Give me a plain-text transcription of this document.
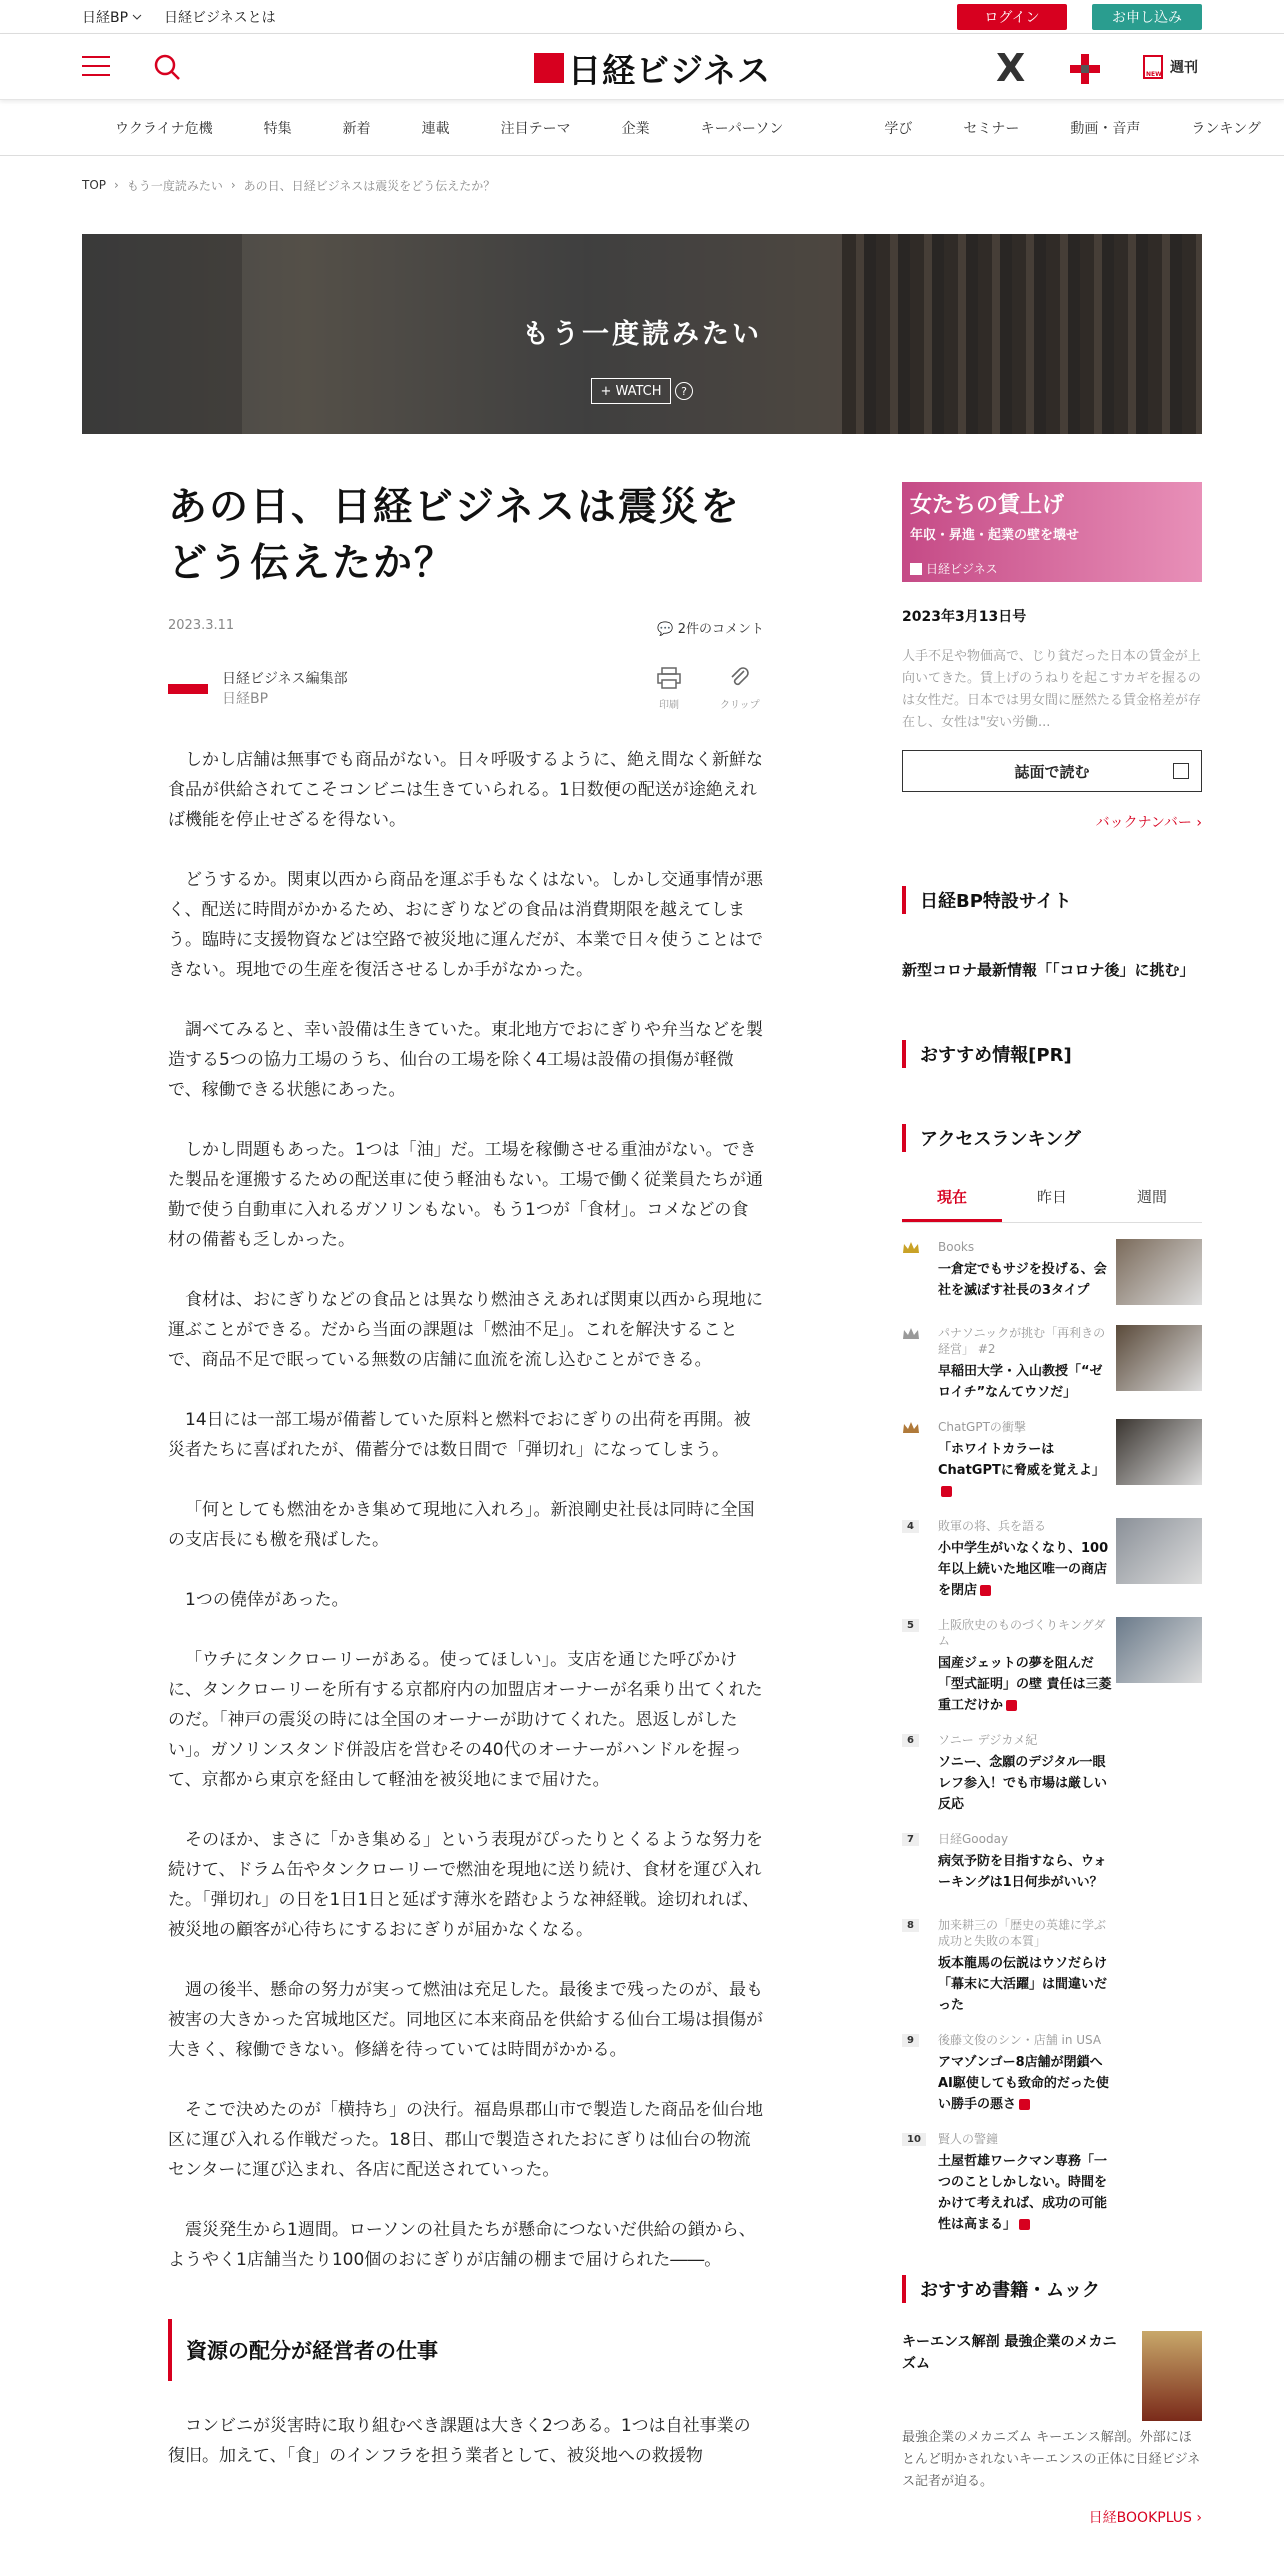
日経BP	日経ビジネスとは	ログイン	お申し込み
日経ビジネス	X	NEW 週刊
ウクライナ危機	特集	新着	連載	注目テーマ	企業	キーパーソン	学び	セミナー	動画・音声	ランキング
TOP › もう一度読みたい › あの日、日経ビジネスは震災をどう伝えたか？
もう一度読みたい
+ WATCH	?
あの日、日経ビジネスは震災をどう伝えたか？
2023.3.11	💬 2件のコメント
日経ビジネス編集部
日経BP	印刷	クリップ

しかし店舗は無事でも商品がない。日々呼吸するように、絶え間なく新鮮な食品が供給されてこそコンビニは生きていられる。1日数便の配送が途絶えれば機能を停止せざるを得ない。

どうするか。関東以西から商品を運ぶ手もなくはない。しかし交通事情が悪く、配送に時間がかかるため、おにぎりなどの食品は消費期限を越えてしまう。臨時に支援物資などは空路で被災地に運んだが、本業で日々使うことはできない。現地での生産を復活させるしか手がなかった。

調べてみると、幸い設備は生きていた。東北地方でおにぎりや弁当などを製造する5つの協力工場のうち、仙台の工場を除く4工場は設備の損傷が軽微で、稼働できる状態にあった。

しかし問題もあった。1つは「油」だ。工場を稼働させる重油がない。できた製品を運搬するための配送車に使う軽油もない。工場で働く従業員たちが通勤で使う自動車に入れるガソリンもない。もう1つが「食材」。コメなどの食材の備蓄も乏しかった。

食材は、おにぎりなどの食品とは異なり燃油さえあれば関東以西から現地に運ぶことができる。だから当面の課題は「燃油不足」。これを解決することで、商品不足で眠っている無数の店舗に血流を流し込むことができる。

14日には一部工場が備蓄していた原料と燃料でおにぎりの出荷を再開。被災者たちに喜ばれたが、備蓄分では数日間で「弾切れ」になってしまう。

「何としても燃油をかき集めて現地に入れろ」。新浪剛史社長は同時に全国の支店長にも檄を飛ばした。

1つの僥倖があった。

「ウチにタンクローリーがある。使ってほしい」。支店を通じた呼びかけに、タンクローリーを所有する京都府内の加盟店オーナーが名乗り出てくれたのだ。「神戸の震災の時には全国のオーナーが助けてくれた。恩返しがしたい」。ガソリンスタンド併設店を営むその40代のオーナーがハンドルを握って、京都から東京を経由して軽油を被災地にまで届けた。

そのほか、まさに「かき集める」という表現がぴったりとくるような努力を続けて、ドラム缶やタンクローリーで燃油を現地に送り続け、食材を運び入れた。「弾切れ」の日を1日1日と延ばす薄氷を踏むような神経戦。途切れれば、被災地の顧客が心待ちにするおにぎりが届かなくなる。

週の後半、懸命の努力が実って燃油は充足した。最後まで残ったのが、最も被害の大きかった宮城地区だ。同地区に本来商品を供給する仙台工場は損傷が大きく、稼働できない。修繕を待っていては時間がかかる。

そこで決めたのが「横持ち」の決行。福島県郡山市で製造した商品を仙台地区に運び入れる作戦だった。18日、郡山で製造されたおにぎりは仙台の物流センターに運び込まれ、各店に配送されていった。

震災発生から1週間。ローソンの社員たちが懸命につないだ供給の鎖から、ようやく1店舗当たり100個のおにぎりが店舗の棚まで届けられた――。

資源の配分が経営者の仕事

コンビニが災害時に取り組むべき課題は大きく2つある。1つは自社事業の復旧。加えて、「食」のインフラを担う業者として、被災地への救援物

女たちの賃上げ
年収・昇進・起業の壁を壊せ
日経ビジネス
2023年3月13日号
人手不足や物価高で、じり貧だった日本の賃金が上向いてきた。賃上げのうねりを起こすカギを握るのは女性だ。日本では男女間に歴然たる賃金格差が存在し、女性は"安い労働...
誌面で読む
バックナンバー ›
日経BP特設サイト
新型コロナ最新情報「「コロナ後」に挑む」
おすすめ情報[PR]
アクセスランキング
現在	昨日	週間
Books
一倉定でもサジを投げる、会社を滅ぼす社長の3タイプ
パナソニックが挑む「再利きの経営」 #2
早稲田大学・入山教授「“ゼロイチ”なんてウソだ」
ChatGPTの衝撃
「ホワイトカラーはChatGPTに脅威を覚えよ」
4	敗軍の将、兵を語る
小中学生がいなくなり、100年以上続いた地区唯一の商店を閉店
5	上阪欣史のものづくりキングダム
国産ジェットの夢を阻んだ「型式証明」の壁 責任は三菱重工だけか
6	ソニー デジカメ紀
ソニー、念願のデジタル一眼レフ参入！でも市場は厳しい反応
7	日経Gooday
病気予防を目指すなら、ウォーキングは1日何歩がいい？
8	加来耕三の「歴史の英雄に学ぶ成功と失敗の本質」
坂本龍馬の伝説はウソだらけ 「幕末に大活躍」は間違いだった
9	後藤文俊のシン・店舗 in USA
アマゾンゴー8店舗が閉鎖へ AI駆使しても致命的だった使い勝手の悪さ
10	賢人の警鐘
土屋哲雄ワークマン専務「一つのことしかしない。時間をかけて考えれば、成功の可能性は高まる」
おすすめ書籍・ムック
キーエンス解剖 最強企業のメカニズム
最強企業のメカニズム キーエンス解剖。外部にほとんど明かされないキーエンスの正体に日経ビジネス記者が迫る。
日経BOOKPLUS ›
